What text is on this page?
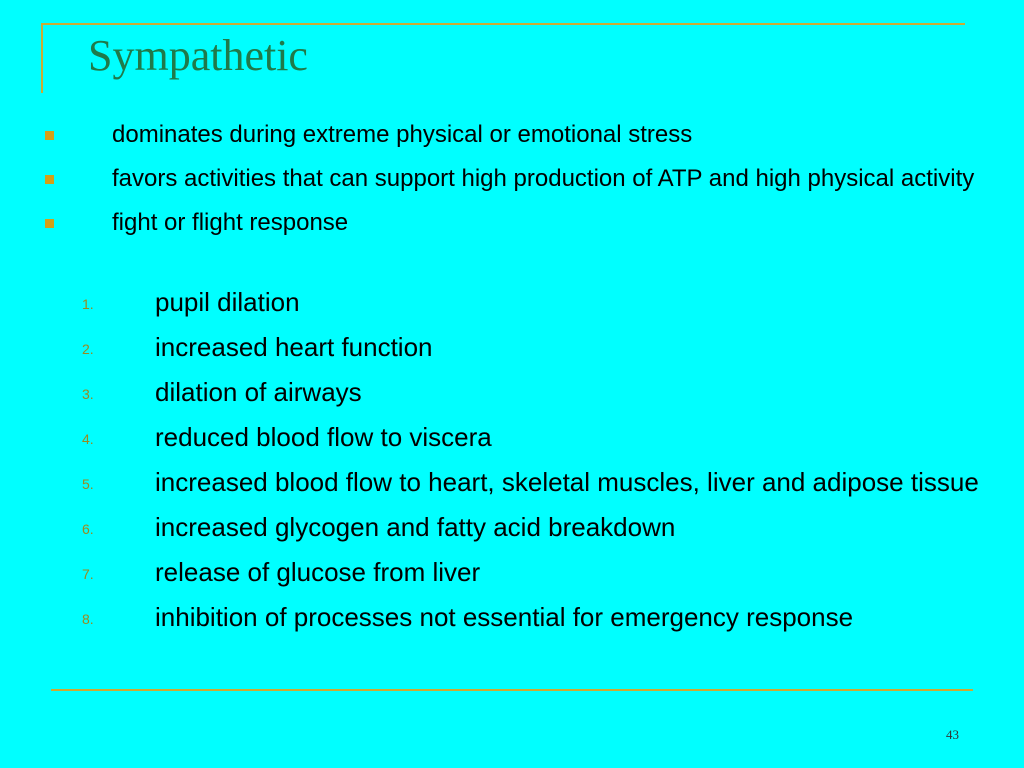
Sympathetic
dominates during extreme physical or emotional stress
favors activities that can support high production of ATP and high physical activity
fight or flight response
1. pupil dilation
2. increased heart function
3. dilation of airways
4. reduced blood flow to viscera
5. increased blood flow to heart, skeletal muscles, liver and adipose tissue
6. increased glycogen and fatty acid breakdown
7. release of glucose from liver
8. inhibition of processes not essential for emergency response
43
